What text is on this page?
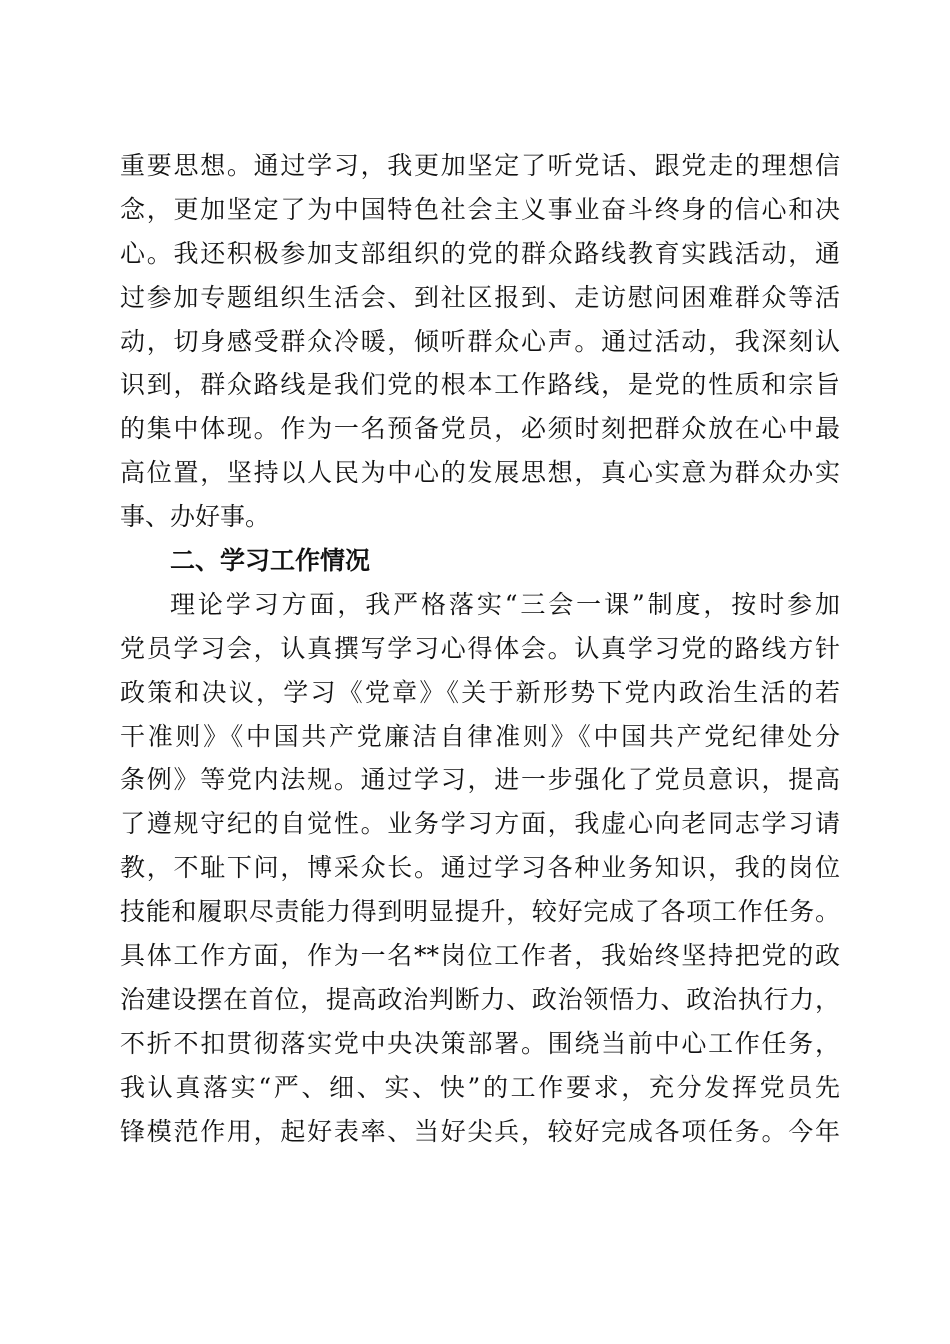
重要思想。通过学习，我更加坚定了听党话、跟党走的理想信
念，更加坚定了为中国特色社会主义事业奋斗终身的信心和决
心。我还积极参加支部组织的党的群众路线教育实践活动，通
过参加专题组织生活会、到社区报到、走访慰问困难群众等活
动，切身感受群众冷暖，倾听群众心声。通过活动，我深刻认
识到，群众路线是我们党的根本工作路线，是党的性质和宗旨
的集中体现。作为一名预备党员，必须时刻把群众放在心中最
高位置，坚持以人民为中心的发展思想，真心实意为群众办实
事、办好事。
二、学习工作情况
理论学习方面，我严格落实“三会一课”制度，按时参加
党员学习会，认真撰写学习心得体会。认真学习党的路线方针
政策和决议，学习《党章》《关于新形势下党内政治生活的若
干准则》《中国共产党廉洁自律准则》《中国共产党纪律处分
条例》等党内法规。通过学习，进一步强化了党员意识，提高
了遵规守纪的自觉性。业务学习方面，我虚心向老同志学习请
教，不耻下问，博采众长。通过学习各种业务知识，我的岗位
技能和履职尽责能力得到明显提升，较好完成了各项工作任务。
具体工作方面，作为一名**岗位工作者，我始终坚持把党的政
治建设摆在首位，提高政治判断力、政治领悟力、政治执行力，
不折不扣贯彻落实党中央决策部署。围绕当前中心工作任务，
我认真落实“严、细、实、快”的工作要求，充分发挥党员先
锋模范作用，起好表率、当好尖兵，较好完成各项任务。今年
